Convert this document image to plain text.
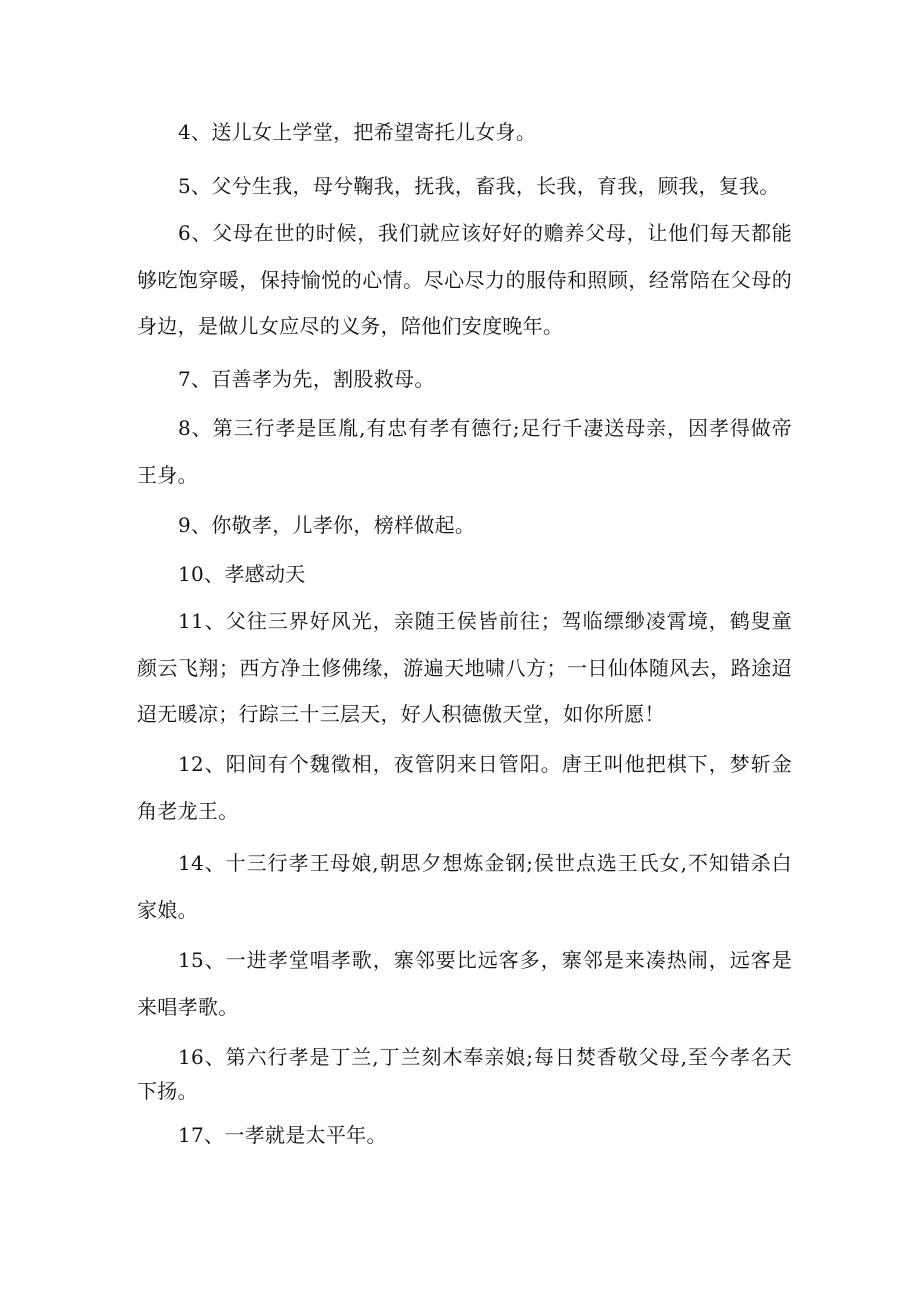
4、送儿女上学堂，把希望寄托儿女身。

5、父兮生我，母兮鞠我，抚我，畜我，长我，育我，顾我，复我。

6、父母在世的时候，我们就应该好好的赡养父母，让他们每天都能够吃饱穿暖，保持愉悦的心情。尽心尽力的服侍和照顾，经常陪在父母的身边，是做儿女应尽的义务，陪他们安度晚年。

7、百善孝为先，割股救母。

8、第三行孝是匡胤,有忠有孝有德行;足行千凄送母亲，因孝得做帝王身。

9、你敬孝，儿孝你，榜样做起。

10、孝感动天

11、父往三界好风光，亲随王侯皆前往；驾临缥缈凌霄境，鹤叟童颜云飞翔；西方净土修佛缘，游遍天地啸八方；一日仙体随风去，路途迢迢无暖凉；行踪三十三层天，好人积德傲天堂，如你所愿！

12、阳间有个魏徵相，夜管阴来日管阳。唐王叫他把棋下，梦斩金角老龙王。

14、十三行孝王母娘,朝思夕想炼金钢;侯世点选王氏女,不知错杀白家娘。

15、一进孝堂唱孝歌，寨邻要比远客多，寨邻是来凑热闹，远客是来唱孝歌。

16、第六行孝是丁兰,丁兰刻木奉亲娘;每日焚香敬父母,至今孝名天下扬。

17、一孝就是太平年。
